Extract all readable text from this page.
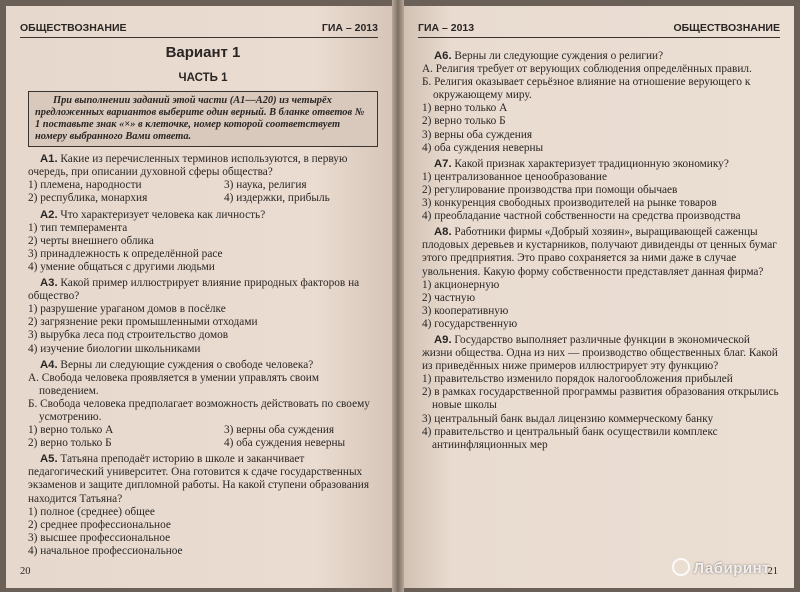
ОБЩЕСТВОЗНАНИЕ	ГИА – 2013
Вариант 1
ЧАСТЬ 1
При выполнении заданий этой части (А1—А20) из четырёх предложенных вариантов выберите один верный. В бланке ответов № 1 поставьте знак «×» в клеточке, номер которой соответствует номеру выбранного Вами ответа.
А1. Какие из перечисленных терминов используются, в первую очередь, при описании духовной сферы общества?
1) племена, народности	3) наука, религия
2) республика, монархия	4) издержки, прибыль
А2. Что характеризует человека как личность?
1) тип темперамента
2) черты внешнего облика
3) принадлежность к определённой расе
4) умение общаться с другими людьми
А3. Какой пример иллюстрирует влияние природных факторов на общество?
1) разрушение ураганом домов в посёлке
2) загрязнение реки промышленными отходами
3) вырубка леса под строительство домов
4) изучение биологии школьниками
А4. Верны ли следующие суждения о свободе человека?
А. Свобода человека проявляется в умении управлять своим поведением.
Б. Свобода человека предполагает возможность действовать по своему усмотрению.
1) верно только А	3) верны оба суждения
2) верно только Б	4) оба суждения неверны
А5. Татьяна преподаёт историю в школе и заканчивает педагогический университет. Она готовится к сдаче государственных экзаменов и защите дипломной работы. На какой ступени образования находится Татьяна?
1) полное (среднее) общее
2) среднее профессиональное
3) высшее профессиональное
4) начальное профессиональное
20
ГИА – 2013	ОБЩЕСТВОЗНАНИЕ
А6. Верны ли следующие суждения о религии?
А. Религия требует от верующих соблюдения определённых правил.
Б. Религия оказывает серьёзное влияние на отношение верующего к окружающему миру.
1) верно только А
2) верно только Б
3) верны оба суждения
4) оба суждения неверны
А7. Какой признак характеризует традиционную экономику?
1) централизованное ценообразование
2) регулирование производства при помощи обычаев
3) конкуренция свободных производителей на рынке товаров
4) преобладание частной собственности на средства производства
А8. Работники фирмы «Добрый хозяин», выращивающей саженцы плодовых деревьев и кустарников, получают дивиденды от ценных бумаг этого предприятия. Это право сохраняется за ними даже в случае увольнения. Какую форму собственности представляет данная фирма?
1) акционерную
2) частную
3) кооперативную
4) государственную
А9. Государство выполняет различные функции в экономической жизни общества. Одна из них — производство общественных благ. Какой из приведённых ниже примеров иллюстрирует эту функцию?
1) правительство изменило порядок налогообложения прибылей
2) в рамках государственной программы развития образования открылись новые школы
3) центральный банк выдал лицензию коммерческому банку
4) правительство и центральный банк осуществили комплекс антиинфляционных мер
Лабиринт
21
